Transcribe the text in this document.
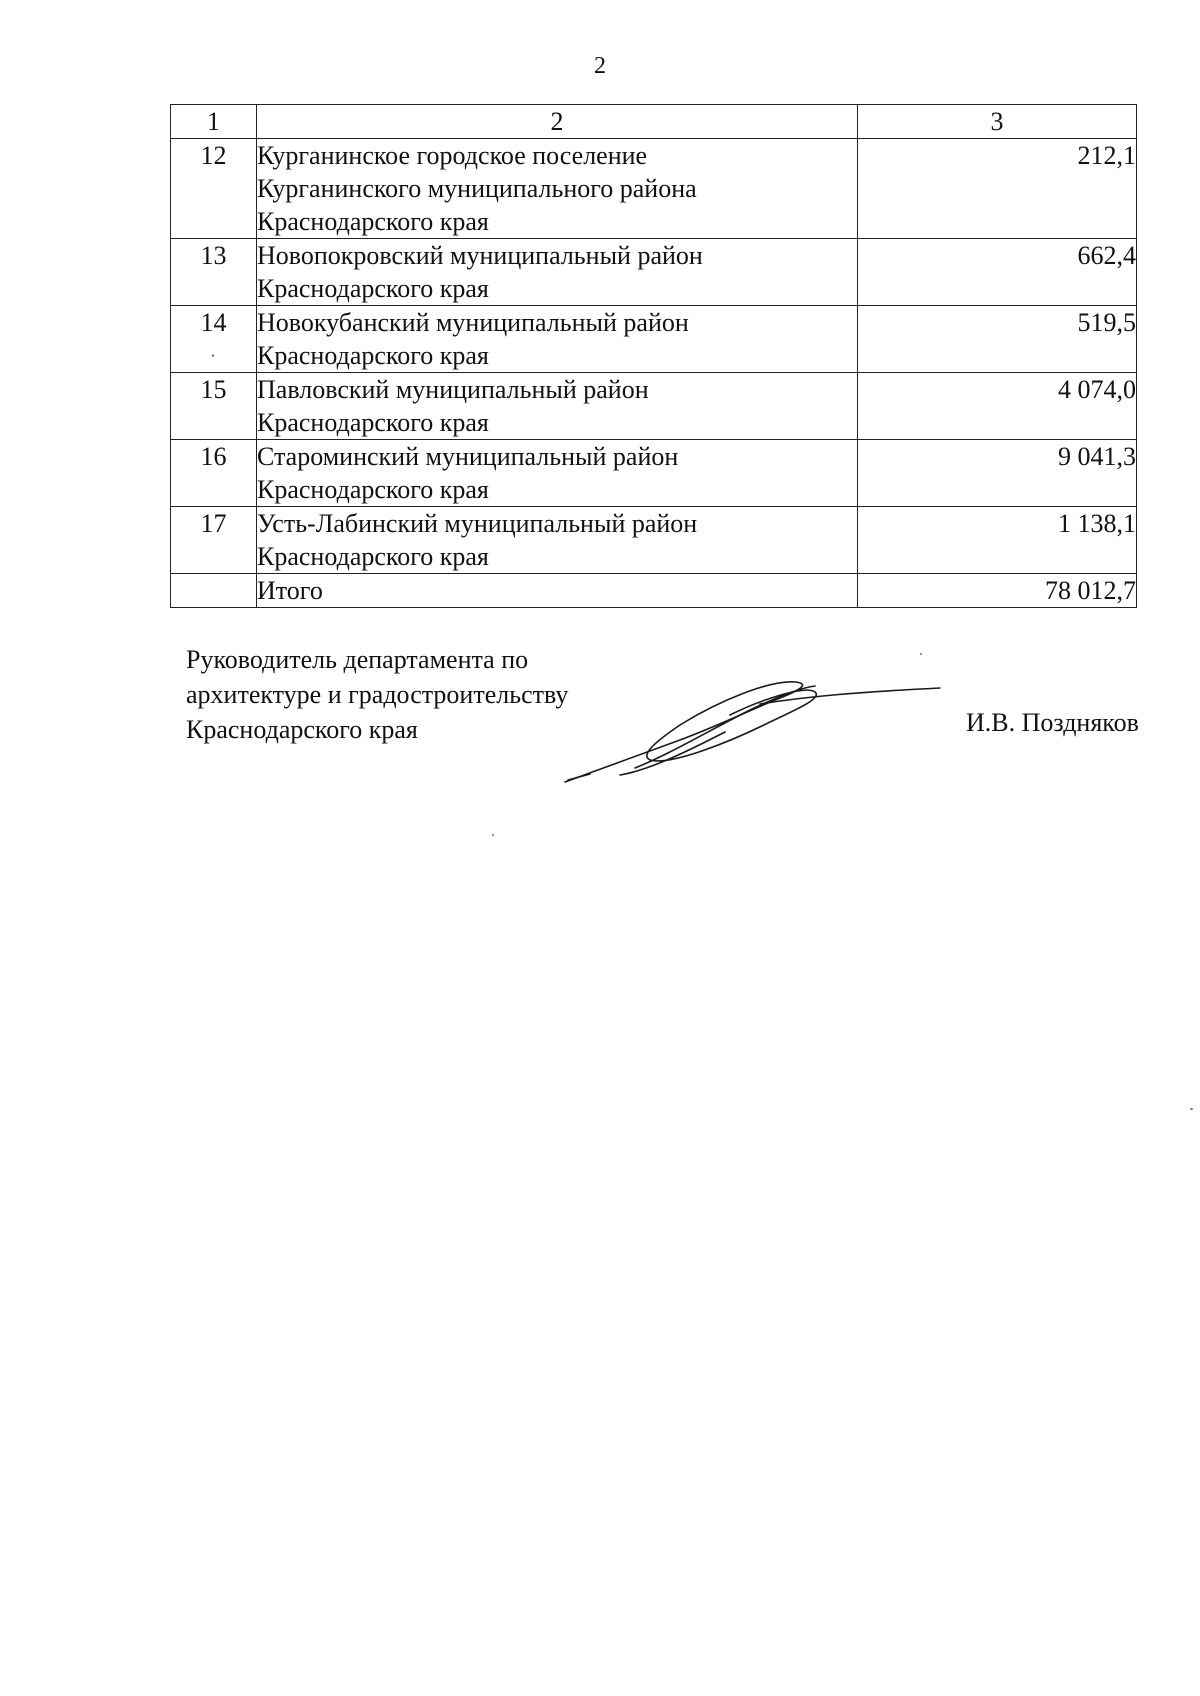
2
1	2	3
12	Курганинское городское поселение
Курганинского муниципального района
Краснодарского края	212,1
13	Новопокровский муниципальный район
Краснодарского края	662,4
14	Новокубанский муниципальный район
Краснодарского края	519,5
15	Павловский муниципальный район
Краснодарского края	4 074,0
16	Староминский муниципальный район
Краснодарского края	9 041,3
17	Усть-Лабинский муниципальный район
Краснодарского края	1 138,1
	Итого	78 012,7
Руководитель департамента по
архитектуре и градостроительству
Краснодарского края	И.В. Поздняков
